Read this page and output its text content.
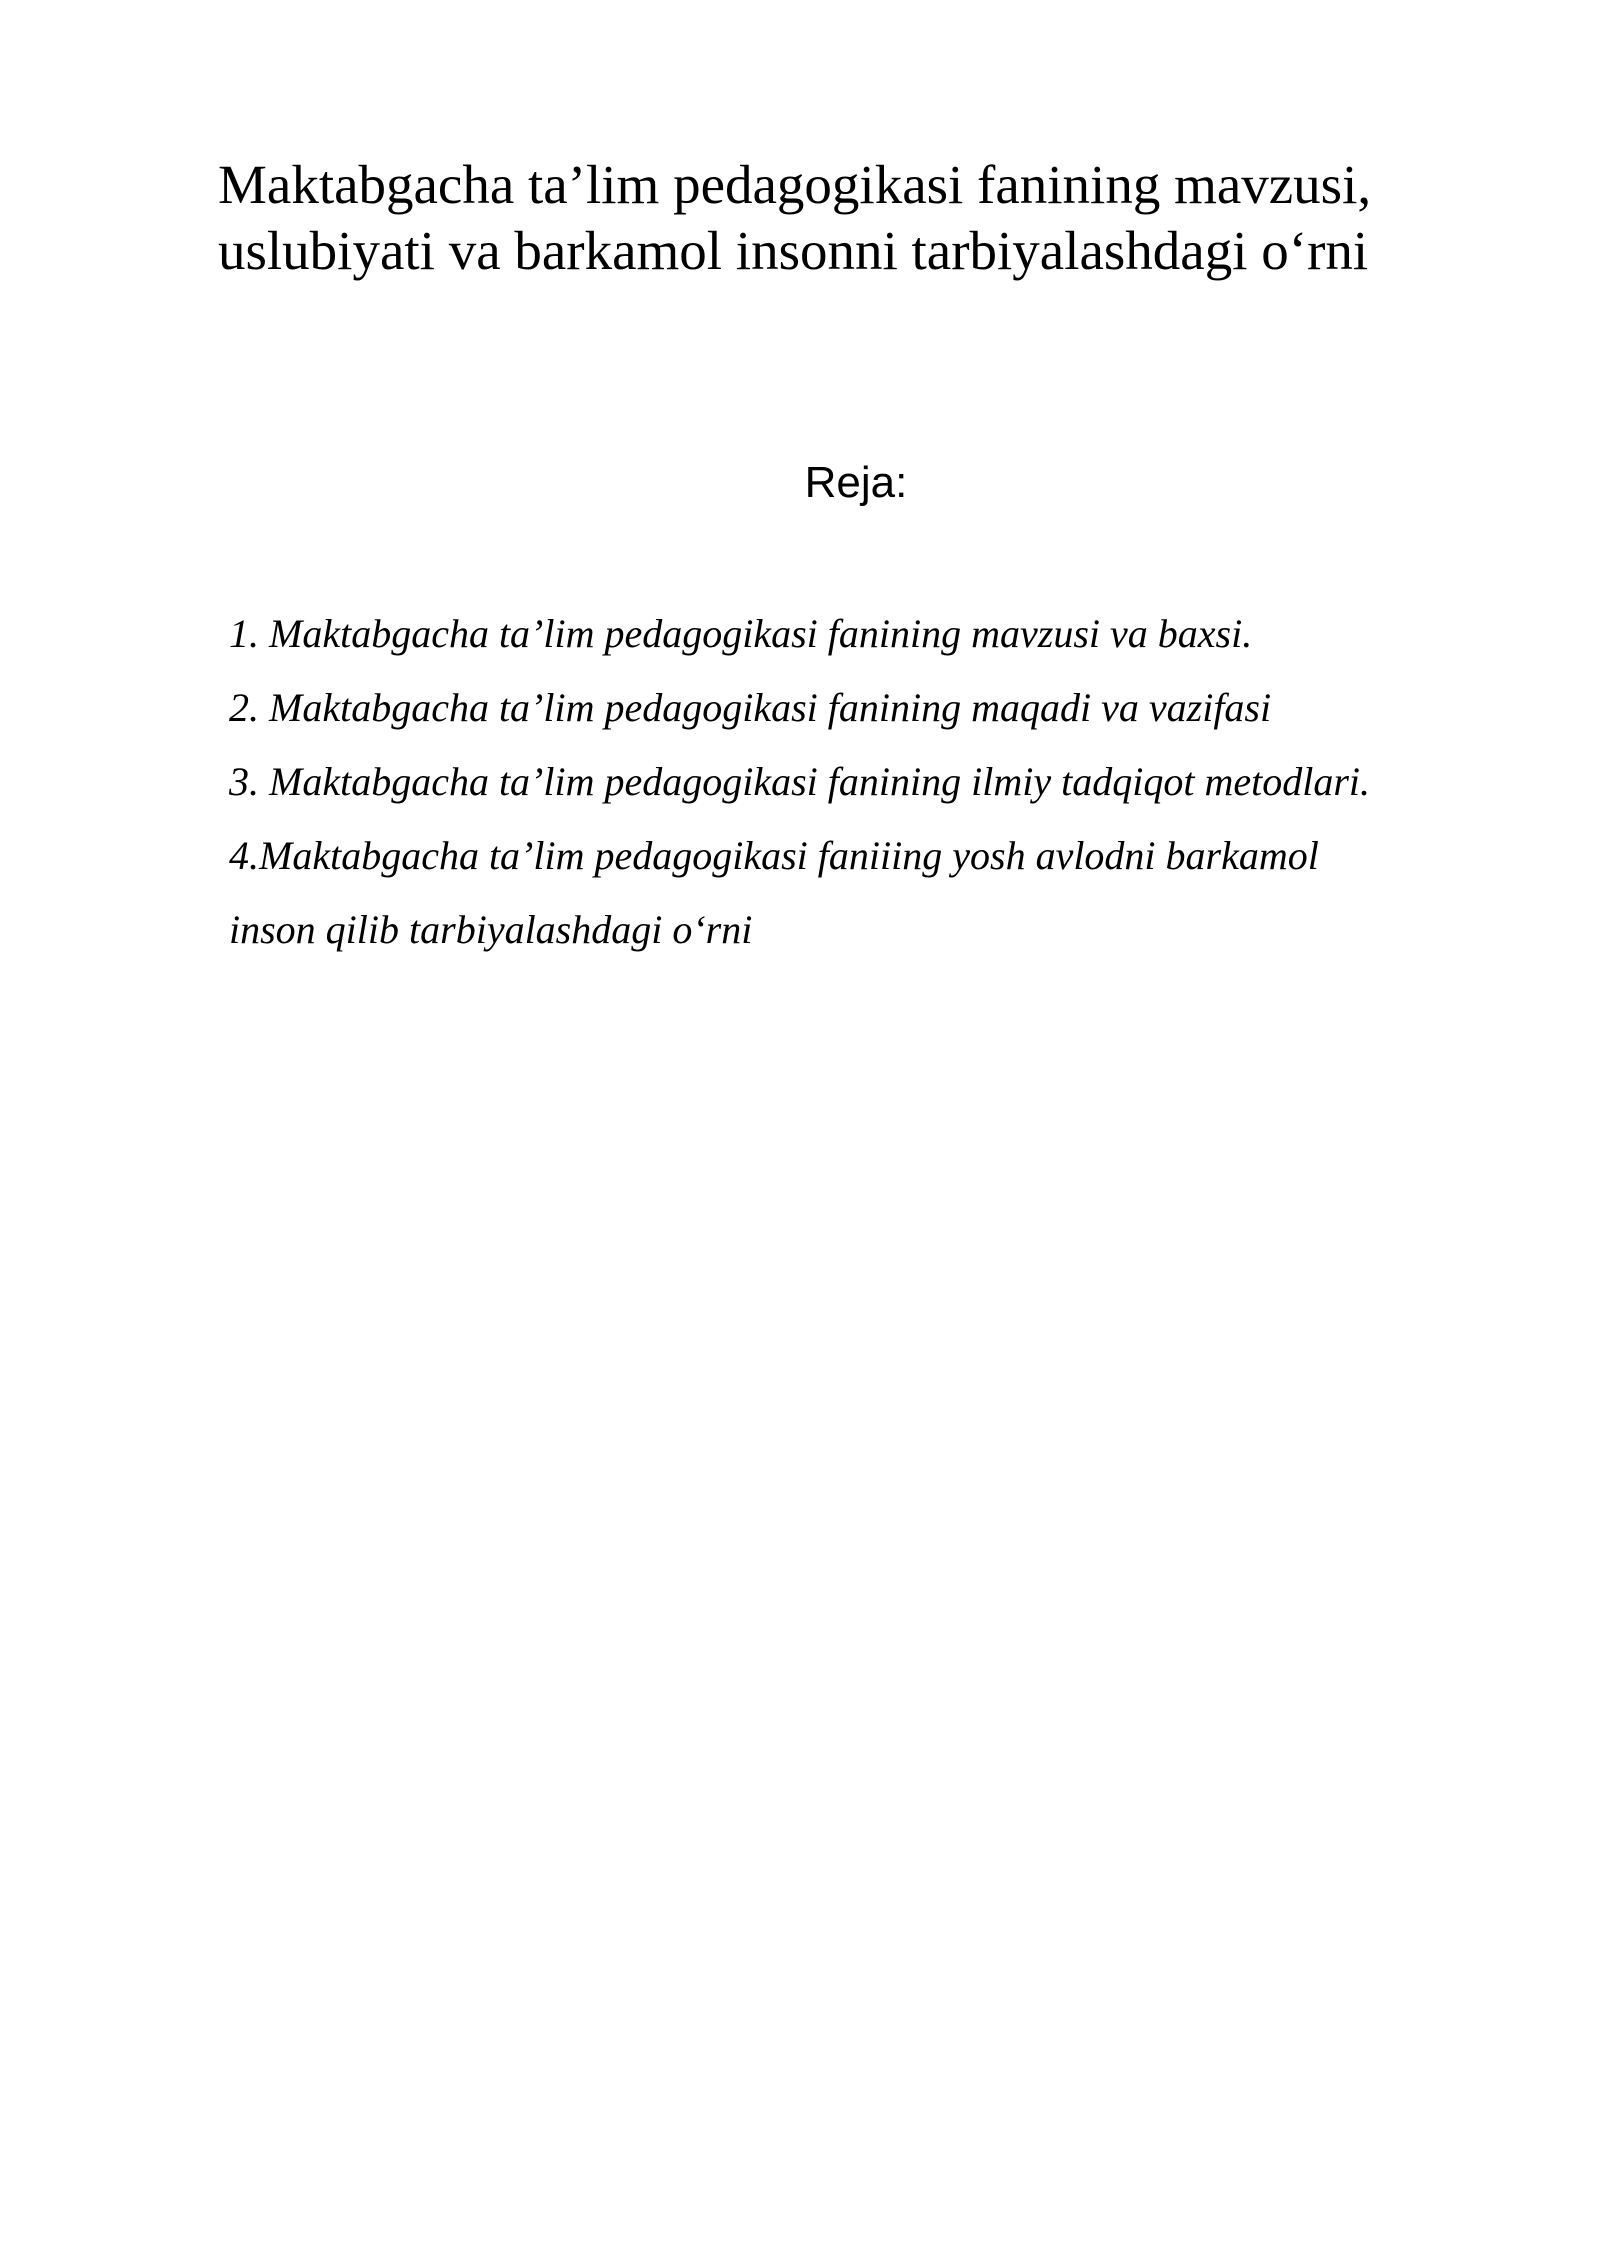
Maktabgacha ta’lim pedagogikasi fanining mavzusi,
uslubiyati va barkamol insonni tarbiyalashdagi o‘rni
Reja:
1. Maktabgacha ta’lim pedagogikasi fanining mavzusi va baxsi.
2. Maktabgacha ta’lim pedagogikasi fanining maqadi va vazifasi
3. Maktabgacha ta’lim pedagogikasi fanining ilmiy tadqiqot metodlari.
4.Maktabgacha ta’lim pedagogikasi faniiing yosh avlodni barkamol
inson qilib tarbiyalashdagi o‘rni
